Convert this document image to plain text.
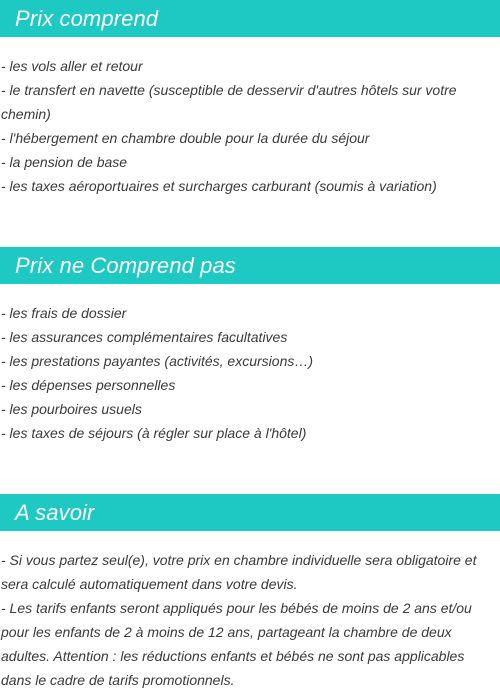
Prix comprend
- les vols aller et retour
- le transfert en navette (susceptible de desservir d'autres hôtels sur votre chemin)
- l'hébergement en chambre double pour la durée du séjour
- la pension de base
- les taxes aéroportuaires et surcharges carburant (soumis à variation)
Prix ne Comprend pas
- les frais de dossier
- les assurances complémentaires facultatives
- les prestations payantes (activités, excursions…)
- les dépenses personnelles
- les pourboires usuels
- les taxes de séjours (à régler sur place à l'hôtel)
A savoir
- Si vous partez seul(e), votre prix en chambre individuelle sera obligatoire et sera calculé automatiquement dans votre devis.
- Les tarifs enfants seront appliqués pour les bébés de moins de 2 ans et/ou pour les enfants de 2 à moins de 12 ans, partageant la chambre de deux adultes. Attention : les réductions enfants et bébés ne sont pas applicables dans le cadre de tarifs promotionnels.
